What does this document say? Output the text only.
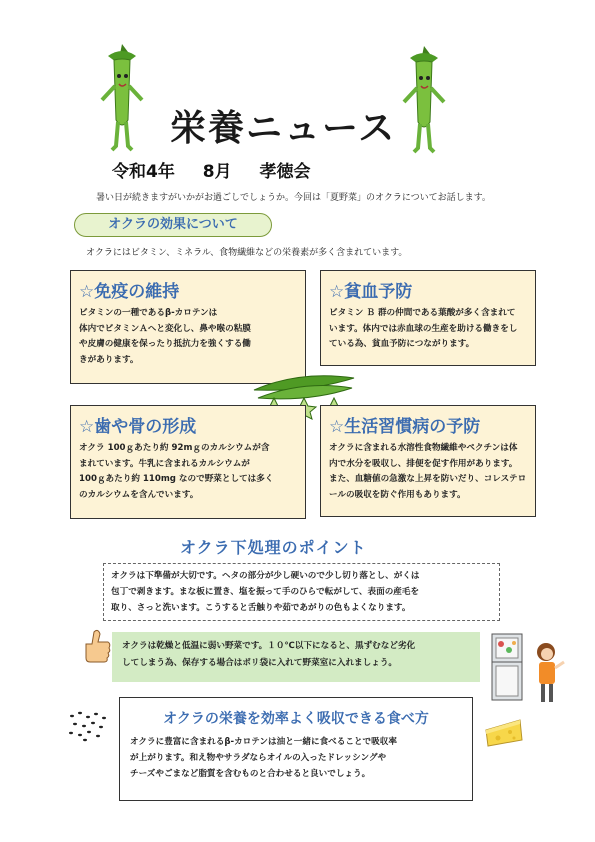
栄養ニュース
令和4年 8月 孝徳会
暑い日が続きますがいかがお過ごしでしょうか。今回は「夏野菜」のオクラについてお話します。
オクラの効果について
オクラにはビタミン、ミネラル、食物繊維などの栄養素が多く含まれています。
☆免疫の維持

ビタミンの一種であるβ-カロテンは

体内でビタミンＡへと変化し、鼻や喉の粘膜

や皮膚の健康を保ったり抵抗力を強くする働

きがあります。

☆貧血予防

ビタミン Ｂ 群の仲間である葉酸が多く含まれて

います。体内では赤血球の生産を助ける働きをし

ている為、貧血予防につながります。

☆歯や骨の形成

オクラ 100ｇあたり約 92mｇのカルシウムが含

まれています。牛乳に含まれるカルシウムが

100ｇあたり約 110mg なので野菜としては多く

のカルシウムを含んでいます。

☆生活習慣病の予防

オクラに含まれる水溶性食物繊維やペクチンは体

内で水分を吸収し、排便を促す作用があります。

また、血糖値の急激な上昇を防いだり、コレステロ

ールの吸収を防ぐ作用もあります。

オクラ下処理のポイント
オクラは下準備が大切です。ヘタの部分が少し硬いので少し切り落とし、がくは
包丁で剥きます。まな板に置き、塩を振って手のひらで転がして、表面の産毛を
取り、さっと洗います。こうすると舌触りや茹であがりの色もよくなります。
オクラは乾燥と低温に弱い野菜です。１０℃以下になると、黒ずむなど劣化
してしまう為、保存する場合はポリ袋に入れて野菜室に入れましょう。
オクラの栄養を効率よく吸収できる食べ方

オクラに豊富に含まれるβ-カロテンは油と一緒に食べることで吸収率

が上がります。和え物やサラダならオイルの入ったドレッシングや

チーズやごまなど脂質を含むものと合わせると良いでしょう。
